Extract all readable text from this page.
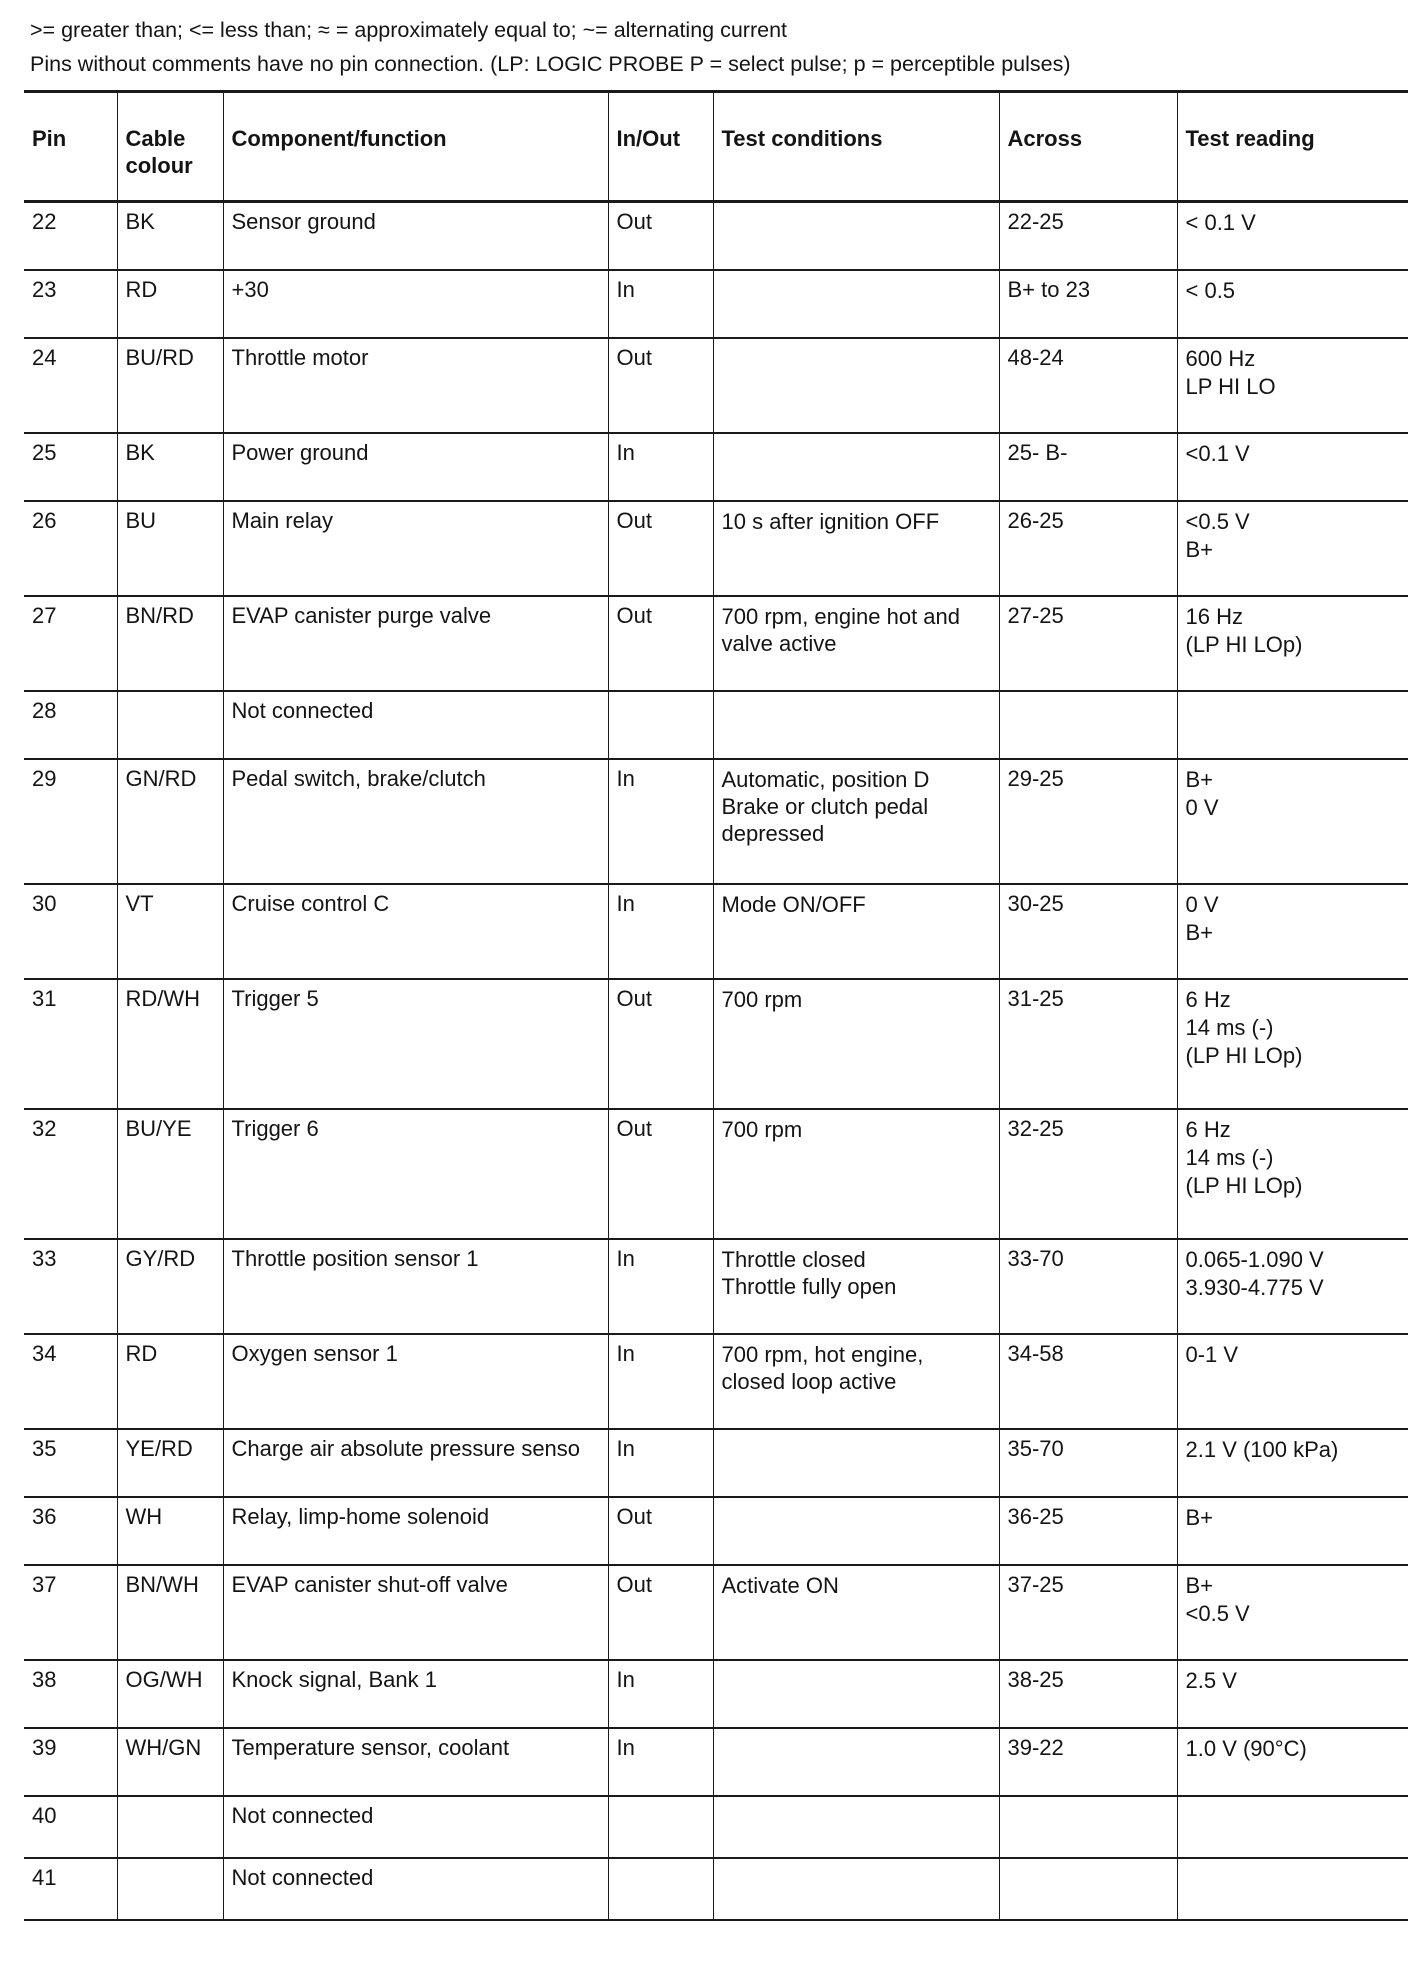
>= greater than; <= less than; ≈ = approximately equal to; ~= alternating current
Pins without comments have no pin connection. (LP: LOGIC PROBE P = select pulse; p = perceptible pulses)
Pin	Cable colour	Component/function	In/Out	Test conditions	Across	Test reading
22	BK	Sensor ground	Out		22-25	< 0.1 V

23	RD	+30	In		B+ to 23	< 0.5

24	BU/RD	Throttle motor	Out		48-24	600 Hz
LP HI LO

25	BK	Power ground	In		25- B-	<0.1 V

26	BU	Main relay	Out	10 s after ignition OFF	26-25	<0.5 V
B+

27	BN/RD	EVAP canister purge valve	Out	700 rpm, engine hot and valve active	27-25	16 Hz
(LP HI LOp)

28		Not connected				
29	GN/RD	Pedal switch, brake/clutch	In	Automatic, position D
Brake or clutch pedal depressed	29-25	B+
0 V

30	VT	Cruise control C	In	Mode ON/OFF	30-25	0 V
B+

31	RD/WH	Trigger 5	Out	700 rpm	31-25	6 Hz
14 ms (-)
(LP HI LOp)

32	BU/YE	Trigger 6	Out	700 rpm	32-25	6 Hz
14 ms (-)
(LP HI LOp)

33	GY/RD	Throttle position sensor 1	In	Throttle closed
Throttle fully open	33-70	0.065-1.090 V
3.930-4.775 V

34	RD	Oxygen sensor 1	In	700 rpm, hot engine, closed loop active	34-58	0-1 V

35	YE/RD	Charge air absolute pressure senso	In		35-70	2.1 V (100 kPa)

36	WH	Relay, limp-home solenoid	Out		36-25	B+

37	BN/WH	EVAP canister shut-off valve	Out	Activate ON	37-25	B+
<0.5 V

38	OG/WH	Knock signal, Bank 1	In		38-25	2.5 V

39	WH/GN	Temperature sensor, coolant	In		39-22	1.0 V (90°C)

40		Not connected				
41		Not connected				
